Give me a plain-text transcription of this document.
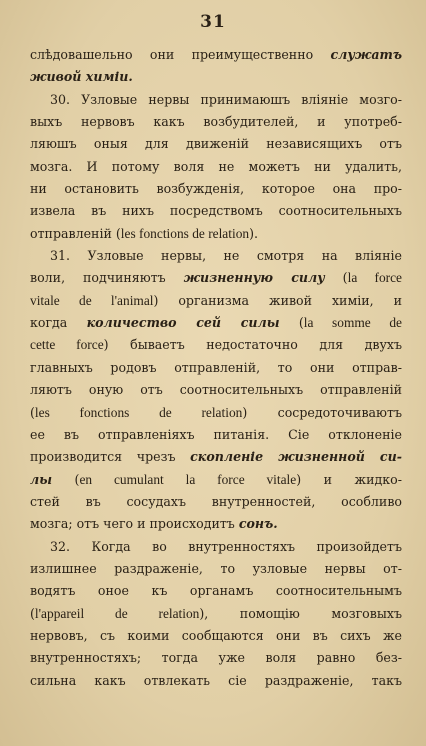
31
слѣдовашельно они преимущественно служатъ
живой химіи.
30. Узловые нервы принимаюшъ вліяніе мозго-
выхъ нервовъ какъ возбудителей, и употреб-
ляюшъ оныя для движеній независящихъ отъ
мозга. И потому воля не можетъ ни удалить,
ни остановить возбужденія, которое она про-
извела въ нихъ посредствомъ соотносительныхъ
отправленій (les fonctions de relation).
31. Узловые нервы, не смотря на вліяніе
воли, подчиняютъ жизненную силу (la force
vitale de l'animal) организма живой химіи, и
когда количество сей силы (la somme de
cette force) бываетъ недостаточно для двухъ
главныхъ родовъ отправленій, то они отправ-
ляютъ оную отъ соотносительныхъ отправленій
(les fonctions de relation) сосредоточиваютъ
ее въ отправленіяхъ питанія. Сіе отклоненіе
производится чрезъ скопленіе жизненной си-
лы (en cumulant la force vitale) и жидко-
стей въ сосудахъ внутренностей, особливо
мозга; отъ чего и происходитъ сонъ.
32. Когда во внутренностяхъ произойдетъ
излишнее раздраженіе, то узловые нервы от-
водятъ оное къ органамъ соотносительнымъ
(l'appareil de relation), помощію мозговыхъ
нервовъ, съ коими сообщаются они въ сихъ же
внутренностяхъ; тогда уже воля равно без-
сильна какъ отвлекать сіе раздраженіе, такъ
